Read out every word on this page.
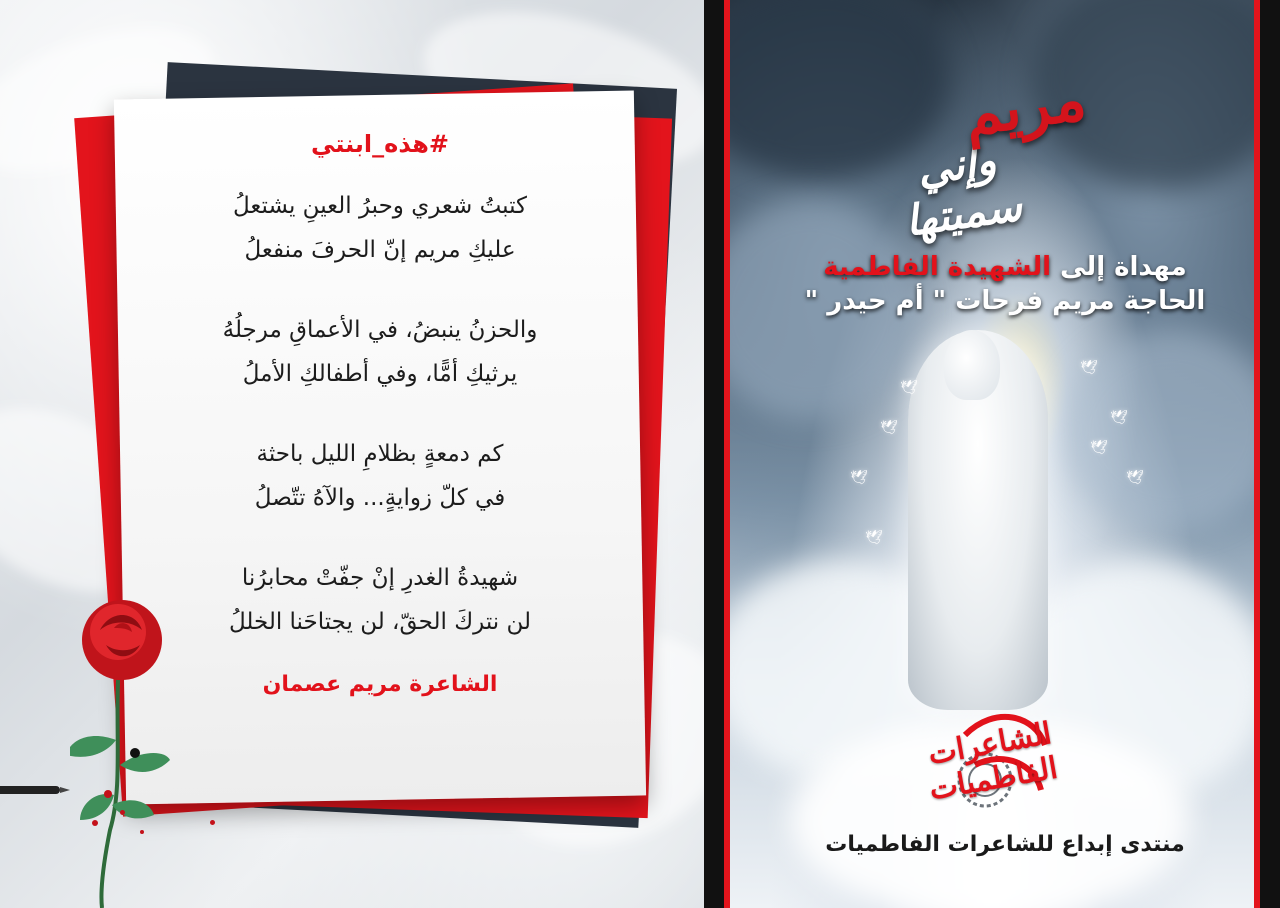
#هذه_ابنتي
كتبتُ شعري وحبرُ العينِ يشتعلُ
عليكِ مريم إنّ الحرفَ منفعلُ
والحزنُ ينبضُ، في الأعماقِ مرجلُهُ
يرثيكِ أمًّا، وفي أطفالكِ الأملُ
كم دمعةٍ بظلامِ الليل باحثة
في كلّ زوايةٍ... والآهُ تتّصلُ
شهيدةُ الغدرِ إنْ جفّتْ محابرُنا
لن نتركَ الحقّ، لن يجتاحَنا الخللُ
الشاعرة مريم عصمان
🕊
🕊
🕊
🕊
🕊
🕊
🕊
🕊
وإني سميتها
مريم
مهداة إلى الشهيدة الفاطمية
الحاجة مريم فرحات " أم حيدر "
الشاعرات الفاطميات
منتدى إبداع للشاعرات الفاطميات
